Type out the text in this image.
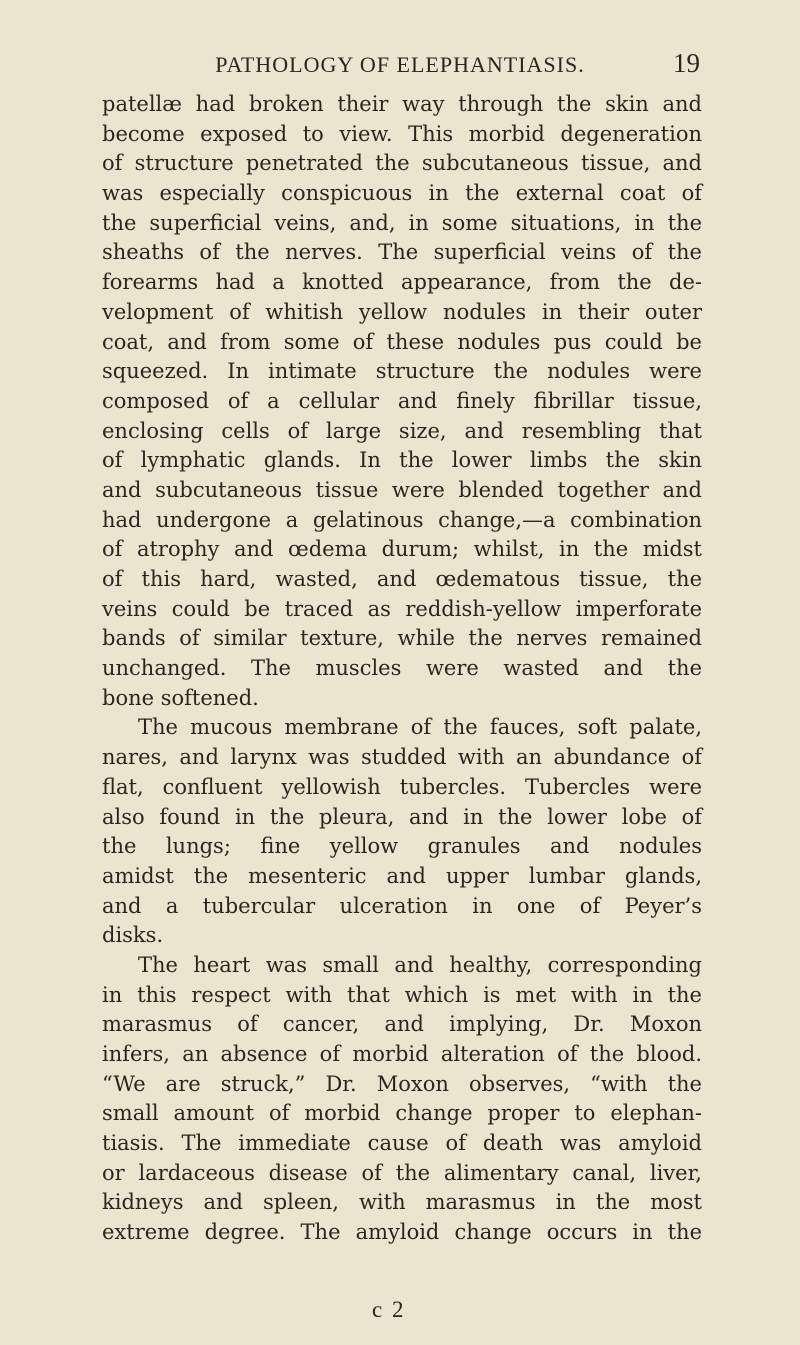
PATHOLOGY OF ELEPHANTIASIS.	19
patellæ had broken their way through the skin and
become exposed to view. This morbid degeneration
of structure penetrated the subcutaneous tissue, and
was especially conspicuous in the external coat of
the superficial veins, and, in some situations, in the
sheaths of the nerves. The superficial veins of the
forearms had a knotted appearance, from the de-
velopment of whitish yellow nodules in their outer
coat, and from some of these nodules pus could be
squeezed. In intimate structure the nodules were
composed of a cellular and finely fibrillar tissue,
enclosing cells of large size, and resembling that
of lymphatic glands. In the lower limbs the skin
and subcutaneous tissue were blended together and
had undergone a gelatinous change,—a combination
of atrophy and œdema durum; whilst, in the midst
of this hard, wasted, and œdematous tissue, the
veins could be traced as reddish-yellow imperforate
bands of similar texture, while the nerves remained
unchanged. The muscles were wasted and the
bone softened.
The mucous membrane of the fauces, soft palate,
nares, and larynx was studded with an abundance of
flat, confluent yellowish tubercles. Tubercles were
also found in the pleura, and in the lower lobe of
the lungs; fine yellow granules and nodules
amidst the mesenteric and upper lumbar glands,
and a tubercular ulceration in one of Peyer’s
disks.
The heart was small and healthy, corresponding
in this respect with that which is met with in the
marasmus of cancer, and implying, Dr. Moxon
infers, an absence of morbid alteration of the blood.
“We are struck,” Dr. Moxon observes, “with the
small amount of morbid change proper to elephan-
tiasis. The immediate cause of death was amyloid
or lardaceous disease of the alimentary canal, liver,
kidneys and spleen, with marasmus in the most
extreme degree. The amyloid change occurs in the
c 2
